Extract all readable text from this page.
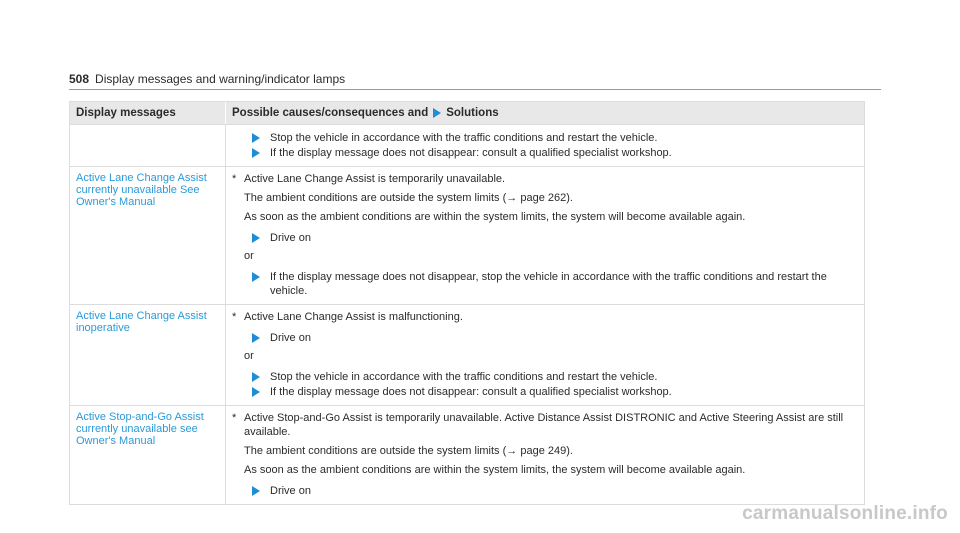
508 Display messages and warning/indicator lamps
Display messages	Possible causes/consequences and Solutions
Stop the vehicle in accordance with the traffic conditions and restart the vehicle.
If the display message does not disappear: consult a qualified specialist workshop.
Active Lane Change Assist currently unavailable See Owner's Manual
* Active Lane Change Assist is temporarily unavailable.
The ambient conditions are outside the system limits (→ page 262).
As soon as the ambient conditions are within the system limits, the system will become available again.
Drive on
or
If the display message does not disappear, stop the vehicle in accordance with the traffic conditions and restart the vehicle.
Active Lane Change Assist inoperative
* Active Lane Change Assist is malfunctioning.
Drive on
or
Stop the vehicle in accordance with the traffic conditions and restart the vehicle.
If the display message does not disappear: consult a qualified specialist workshop.
Active Stop-and-Go Assist currently unavailable see Owner's Manual
* Active Stop-and-Go Assist is temporarily unavailable. Active Distance Assist DISTRONIC and Active Steering Assist are still available.
The ambient conditions are outside the system limits (→ page 249).
As soon as the ambient conditions are within the system limits, the system will become available again.
Drive on
carmanualsonline.info
